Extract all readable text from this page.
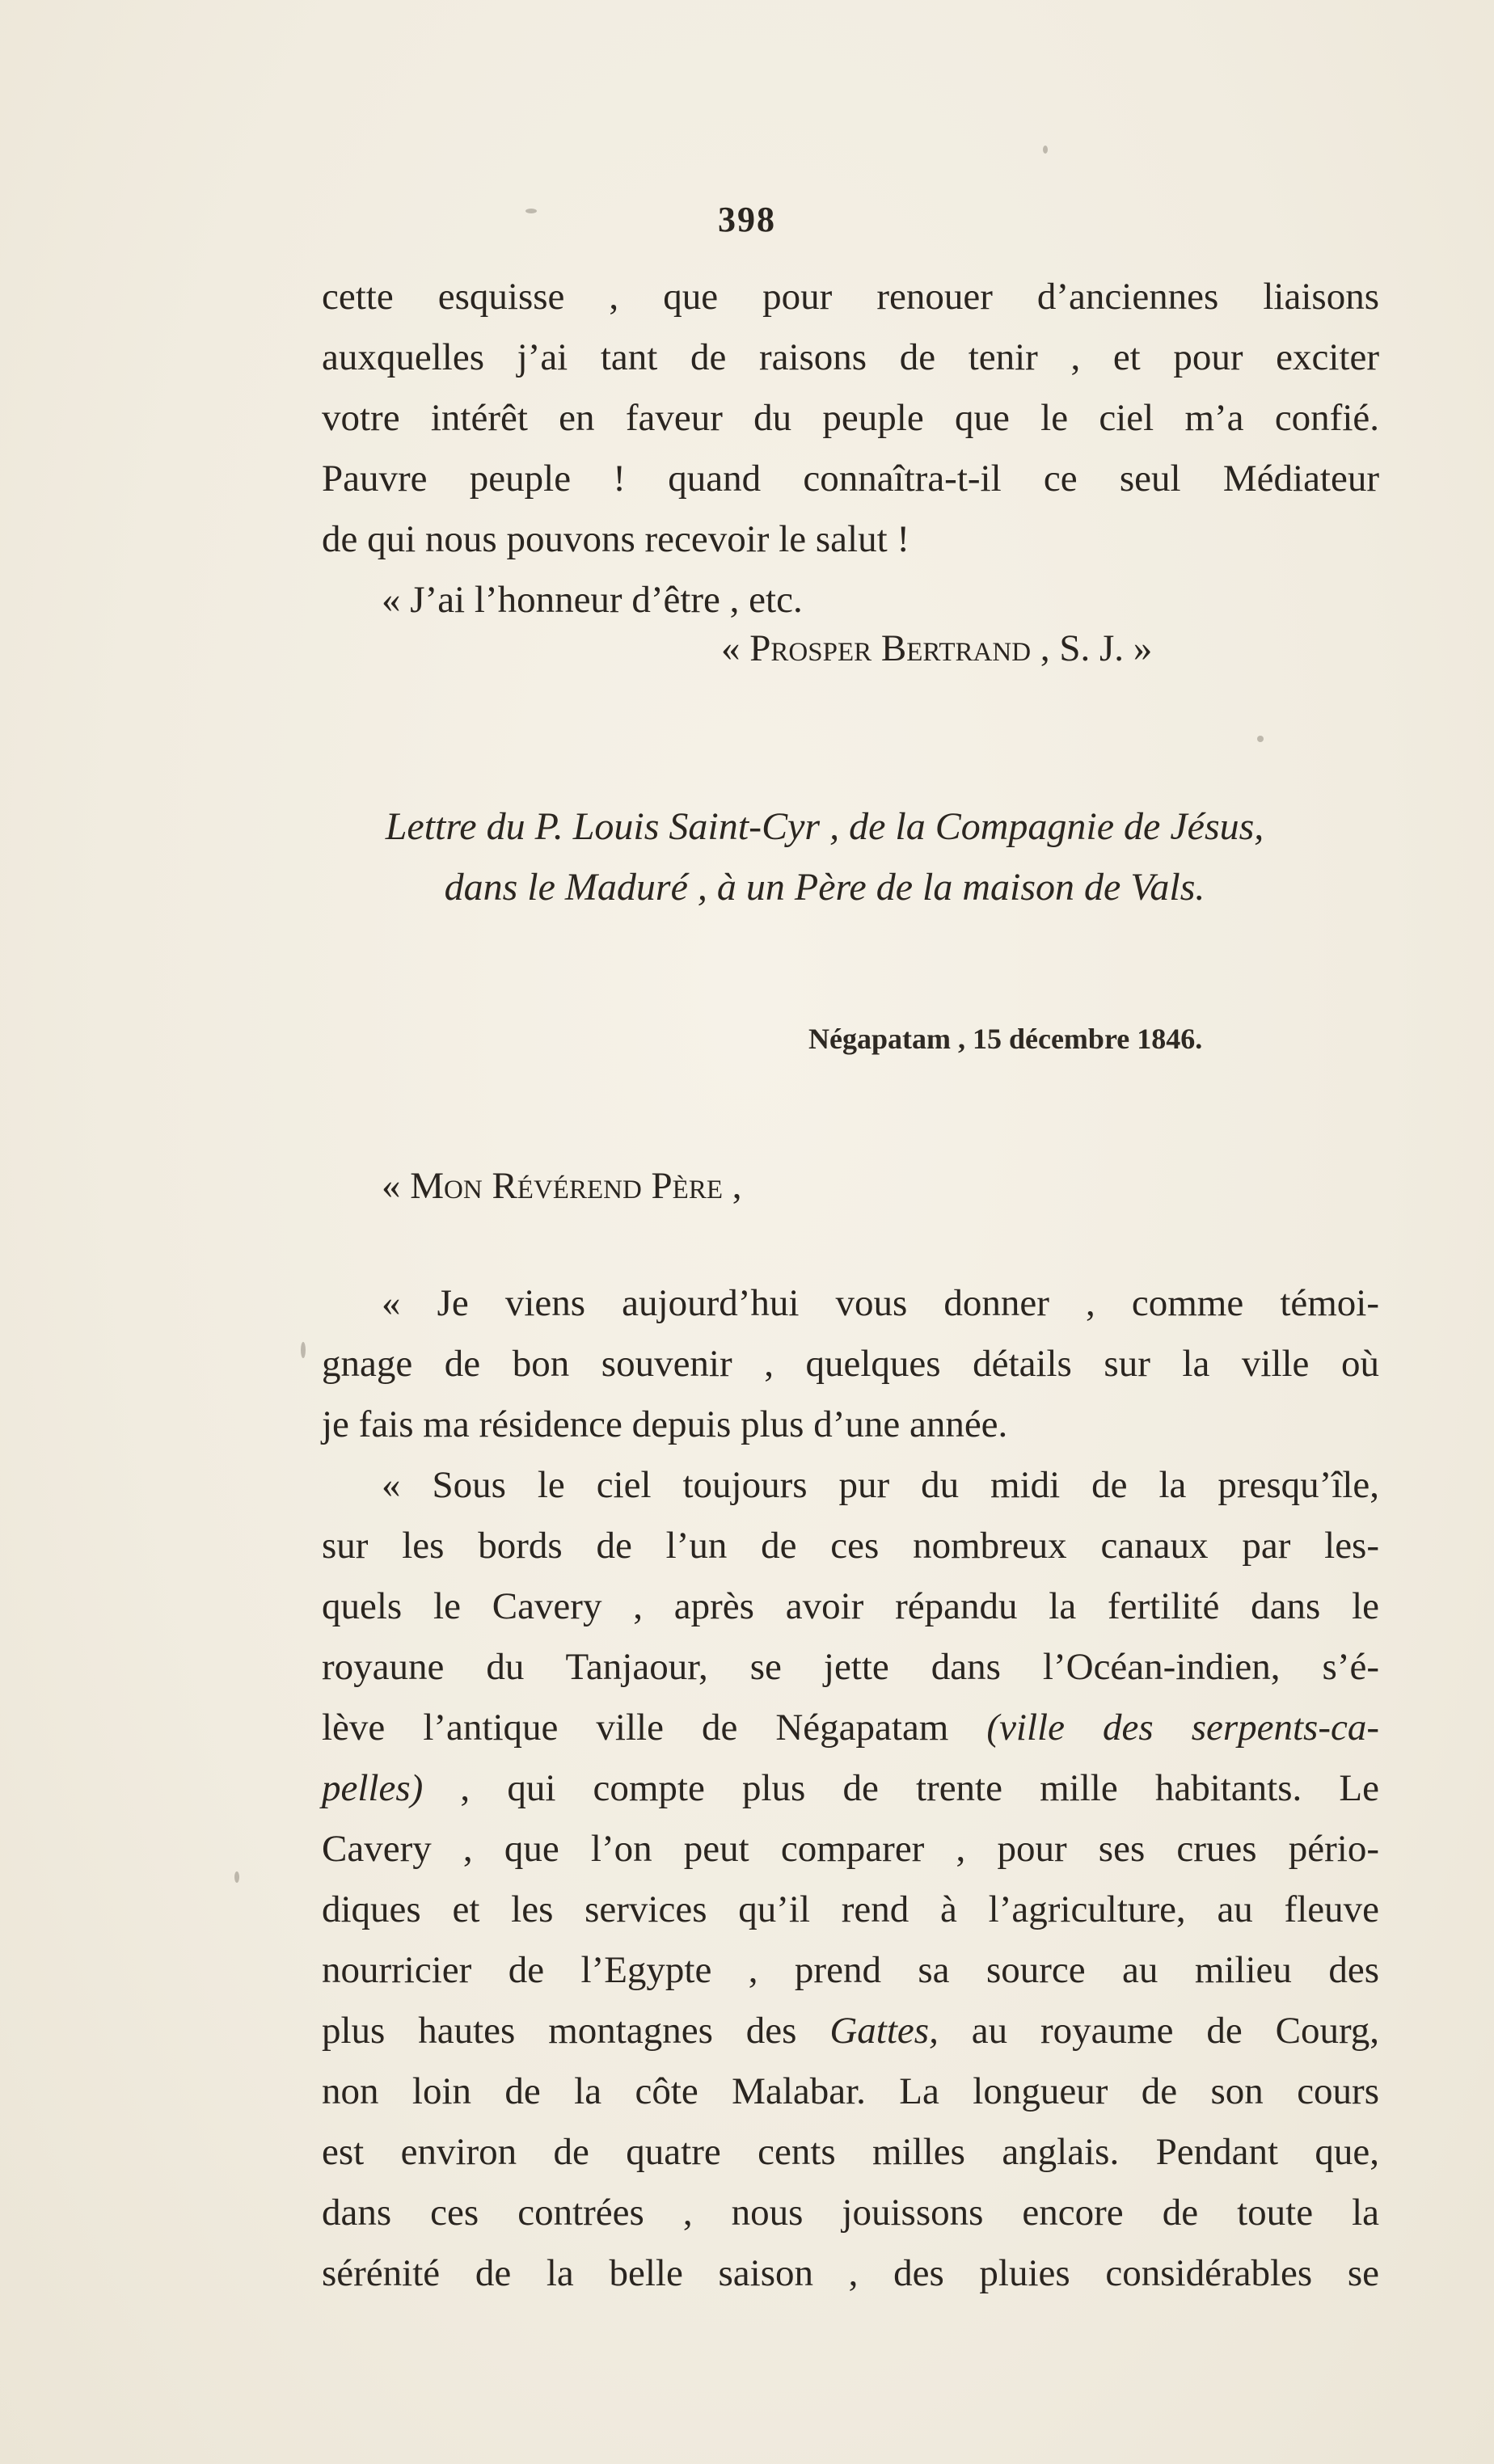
398
cette esquisse , que pour renouer d’anciennes liaisons
auxquelles j’ai tant de raisons de tenir , et pour exciter
votre intérêt en faveur du peuple que le ciel m’a confié.
Pauvre peuple ! quand connaîtra-t-il ce seul Médiateur
de qui nous pouvons recevoir le salut !
« J’ai l’honneur d’être , etc.
« Prosper Bertrand , S. J. »
Lettre du P. Louis Saint-Cyr , de la Compagnie de Jésus,
dans le Maduré , à un Père de la maison de Vals.
Négapatam , 15 décembre 1846.
« Mon Révérend Père ,
« Je viens aujourd’hui vous donner , comme témoi-
gnage de bon souvenir , quelques détails sur la ville où
je fais ma résidence depuis plus d’une année.
« Sous le ciel toujours pur du midi de la presqu’île,
sur les bords de l’un de ces nombreux canaux par les-
quels le Cavery , après avoir répandu la fertilité dans le
royaune du Tanjaour, se jette dans l’Océan-indien, s’é-
lève l’antique ville de Négapatam (ville des serpents-ca-
pelles) , qui compte plus de trente mille habitants. Le
Cavery , que l’on peut comparer , pour ses crues pério-
diques et les services qu’il rend à l’agriculture, au fleuve
nourricier de l’Egypte , prend sa source au milieu des
plus hautes montagnes des Gattes, au royaume de Courg,
non loin de la côte Malabar. La longueur de son cours
est environ de quatre cents milles anglais. Pendant que,
dans ces contrées , nous jouissons encore de toute la
sérénité de la belle saison , des pluies considérables se
